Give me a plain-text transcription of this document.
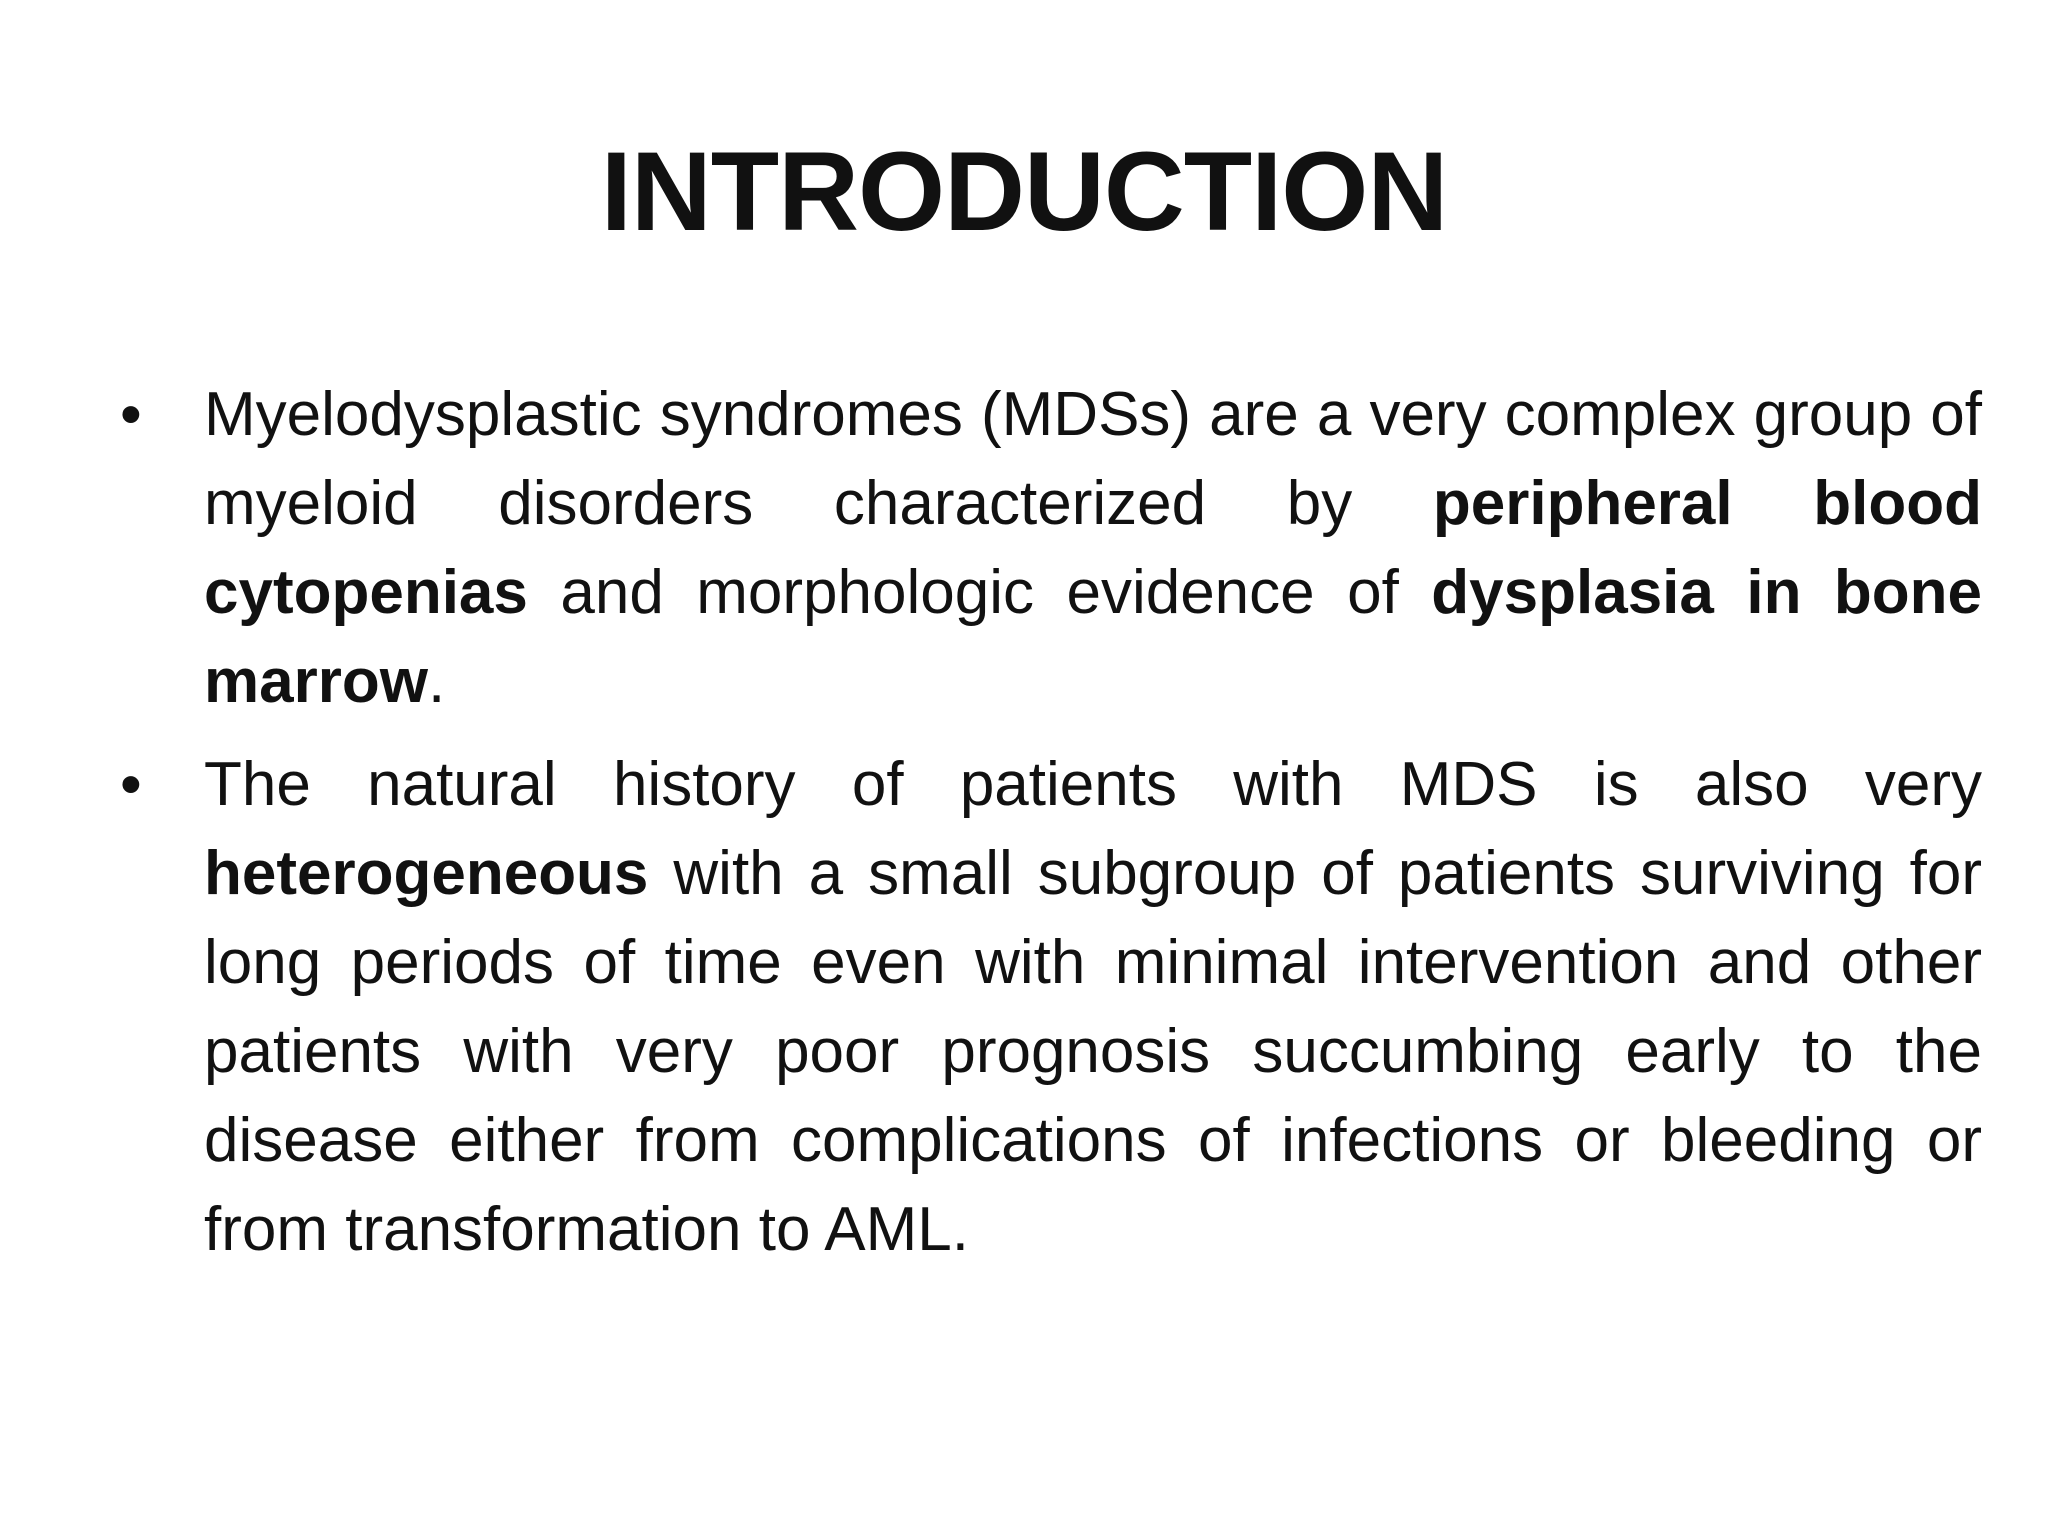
INTRODUCTION
• Myelodysplastic syndromes (MDSs) are a very complex group of myeloid disorders characterized by peripheral blood cytopenias and morphologic evidence of dysplasia in bone marrow.
• The natural history of patients with MDS is also very heterogeneous with a small subgroup of patients surviving for long periods of time even with minimal intervention and other patients with very poor prognosis succumbing early to the disease either from complications of infections or bleeding or from transformation to AML.
